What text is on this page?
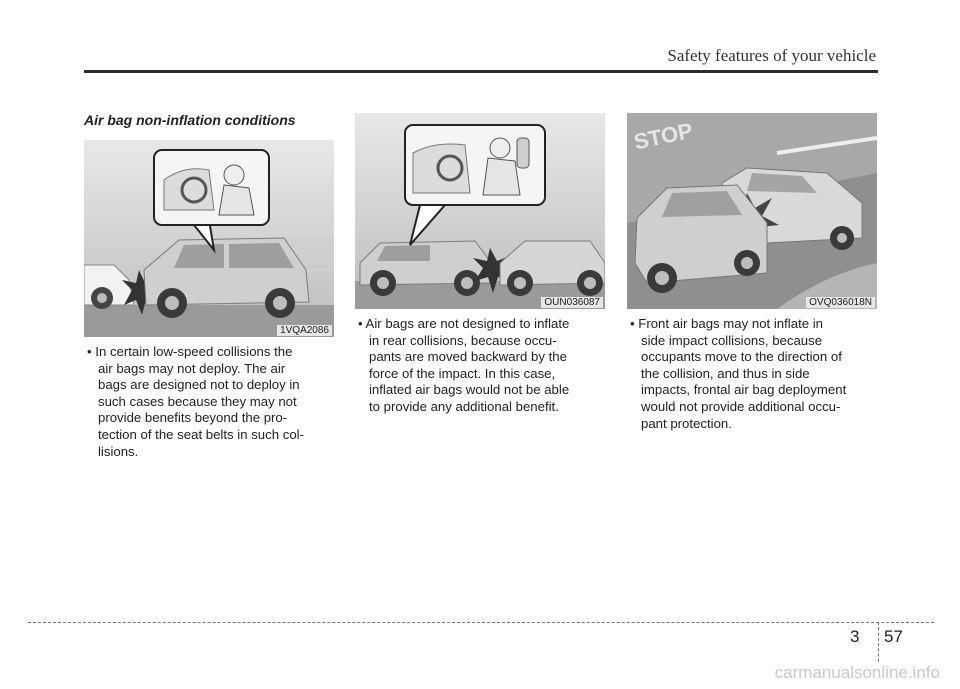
Safety features of your vehicle
Air bag non-inflation conditions
1VQA2086
OUN036087
STOP
OVQ036018N
• In certain low-speed collisions the
air bags may not deploy. The air
bags are designed not to deploy in
such cases because they may not
provide benefits beyond the pro-
tection of the seat belts in such col-
lisions.
• Air bags are not designed to inflate
in rear collisions, because occu-
pants are moved backward by the
force of the impact. In this case,
inflated air bags would not be able
to provide any additional benefit.
• Front air bags may not inflate in
side impact collisions, because
occupants move to the direction of
the collision, and thus in side
impacts, frontal air bag deployment
would not provide additional occu-
pant protection.
3 57
carmanualsonline.info
